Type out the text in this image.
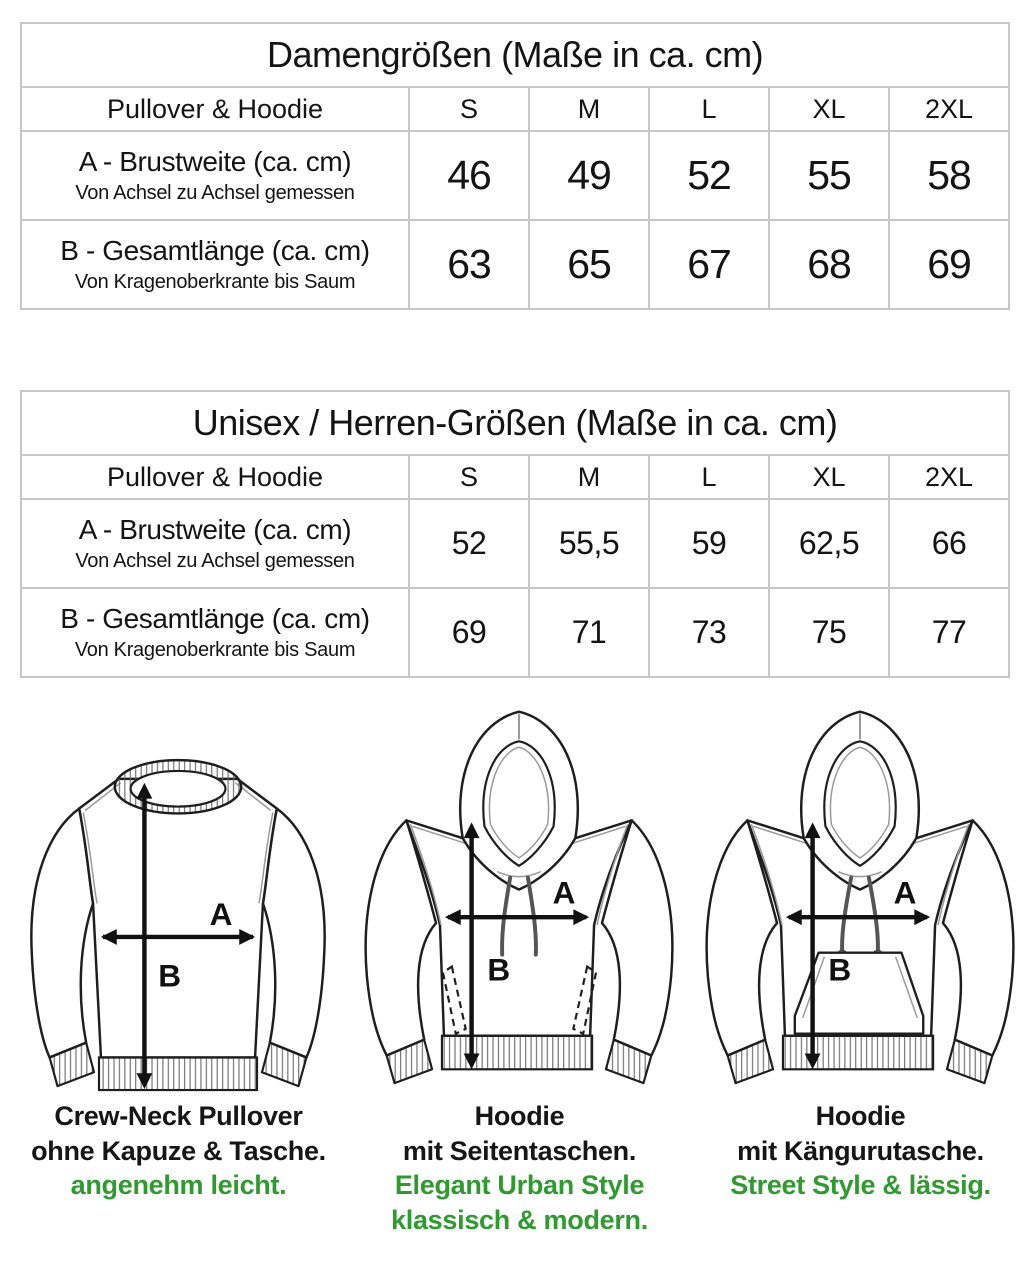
Damengrößen (Maße in ca. cm)					
Pullover & Hoodie	S	M	L	XL	2XL

A - Brustweite (ca. cm)
Von Achsel zu Achsel gemessen	46	49	52	55	58

B - Gesamtlänge (ca. cm)
Von Kragenoberkrante bis Saum	63	65	67	68	69
Unisex / Herren-Größen (Maße in ca. cm)					
Pullover & Hoodie	S	M	L	XL	2XL

A - Brustweite (ca. cm)
Von Achsel zu Achsel gemessen	52	55,5	59	62,5	66

B - Gesamtlänge (ca. cm)
Von Kragenoberkrante bis Saum	69	71	73	75	77
A
B
Crew-Neck Pullover
ohne Kapuze & Tasche.
angenehm leicht.
A
B
Hoodie
mit Seitentaschen.
Elegant Urban Style
klassisch & modern.
A
B
Hoodie
mit Kängurutasche.
Street Style & lässig.
